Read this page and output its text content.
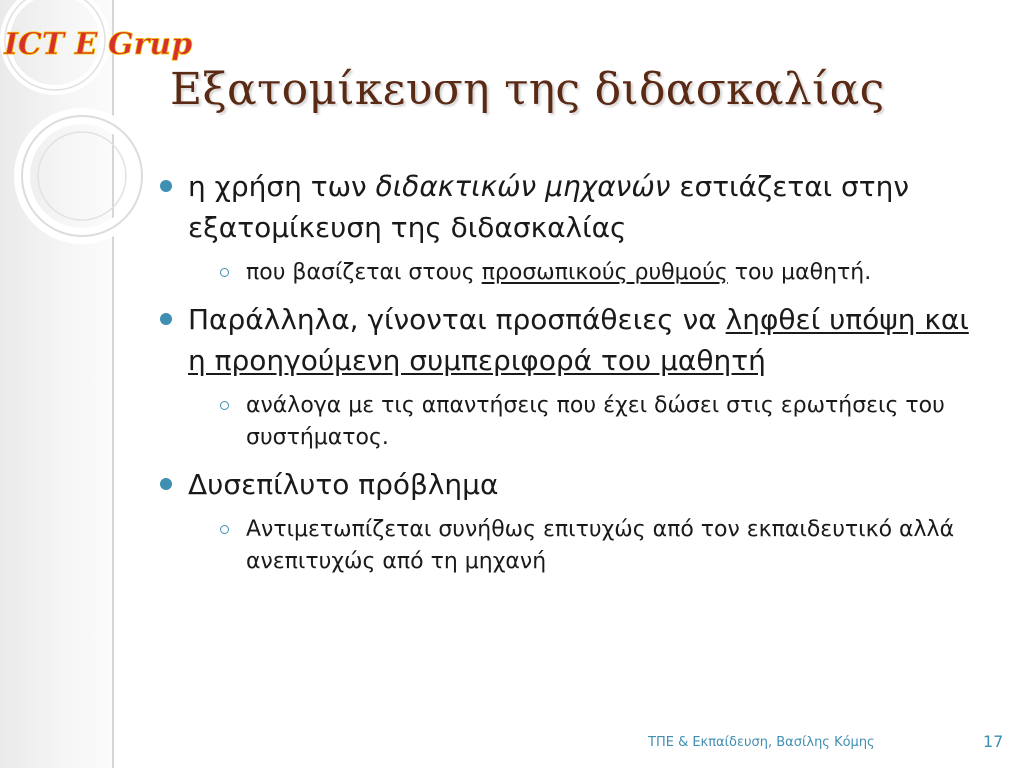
ICT E Grup
Εξατομίκευση της διδασκαλίας
η χρήση των διδακτικών μηχανών εστιάζεται στην εξατομίκευση της διδασκαλίας
που βασίζεται στους προσωπικούς ρυθμούς του μαθητή.
Παράλληλα, γίνονται προσπάθειες να ληφθεί υπόψη και η προηγούμενη συμπεριφορά του μαθητή
ανάλογα με τις απαντήσεις που έχει δώσει στις ερωτήσεις του συστήματος.
Δυσεπίλυτο πρόβλημα
Αντιμετωπίζεται συνήθως επιτυχώς από τον εκπαιδευτικό αλλά ανεπιτυχώς από τη μηχανή
ΤΠΕ & Εκπαίδευση, Βασίλης Κόμης	17
